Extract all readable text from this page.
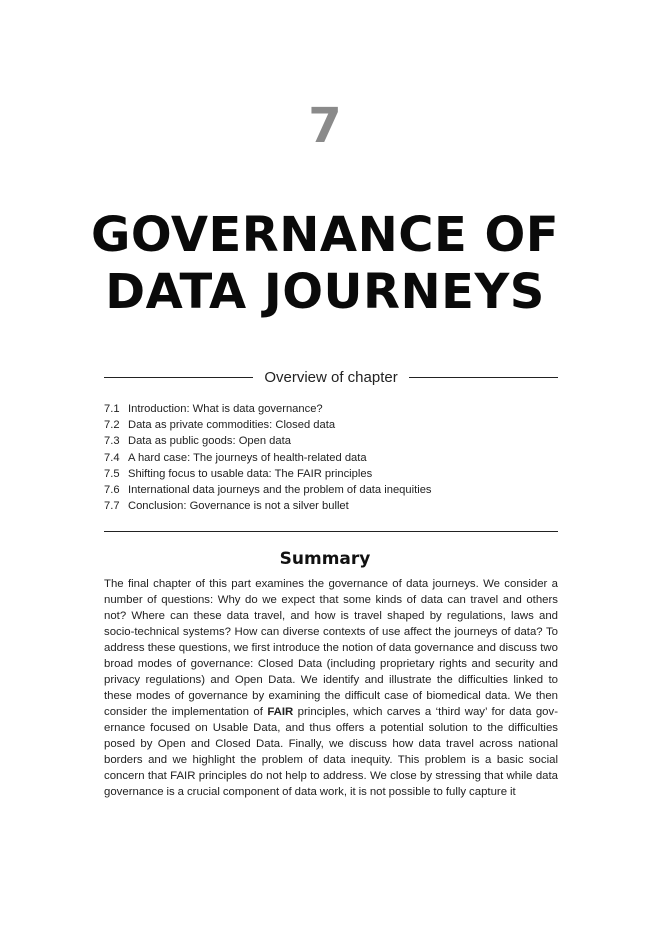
7
GOVERNANCE OF
DATA JOURNEYS
Overview of chapter
7.1 Introduction: What is data governance?
7.2 Data as private commodities: Closed data
7.3 Data as public goods: Open data
7.4 A hard case: The journeys of health-related data
7.5 Shifting focus to usable data: The FAIR principles
7.6 International data journeys and the problem of data inequities
7.7 Conclusion: Governance is not a silver bullet
Summary

The final chapter of this part examines the governance of data journeys. We consider a number of questions: Why do we expect that some kinds of data can travel and others not? Where can these data travel, and how is travel shaped by regulations, laws and socio-technical systems? How can diverse contexts of use affect the journeys of data? To address these questions, we first introduce the notion of data governance and discuss two broad modes of governance: Closed Data (including proprietary rights and security and privacy regulations) and Open Data. We identify and illustrate the difficulties linked to these modes of governance by examining the difficult case of biomedical data. We then consider the implementation of FAIR principles, which carves a ‘third way’ for data governance focused on Usable Data, and thus offers a potential solution to the difficulties posed by Open and Closed Data. Finally, we discuss how data travel across national borders and we highlight the problem of data inequity. This problem is a basic social concern that FAIR principles do not help to address. We close by stressing that while data governance is a crucial component of data work, it is not possible to fully capture it
